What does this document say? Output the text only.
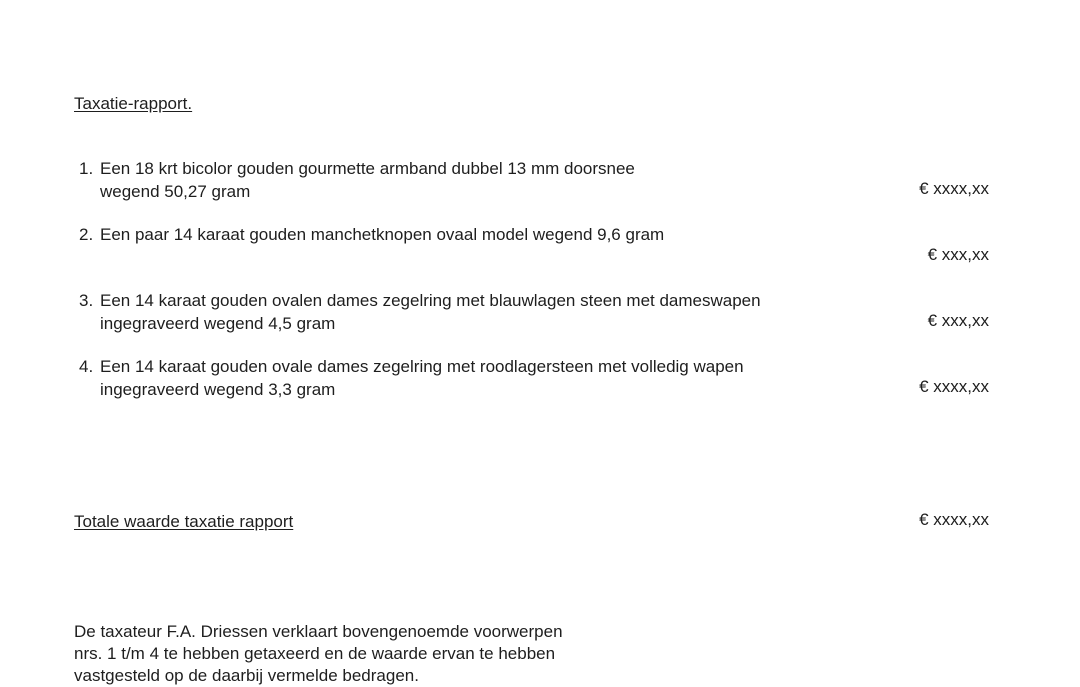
Taxatie-rapport.
1. Een 18 krt bicolor gouden gourmette armband dubbel 13 mm doorsnee
wegend 50,27 gram	€ xxxx,xx
2. Een paar 14 karaat gouden manchetknopen ovaal model wegend 9,6 gram
€ xxx,xx
3. Een 14 karaat gouden ovalen dames zegelring met blauwlagen steen met dameswapen
ingegraveerd wegend 4,5 gram	€ xxx,xx
4. Een 14 karaat gouden ovale dames zegelring met roodlagersteen met volledig wapen
ingegraveerd wegend 3,3 gram	€ xxxx,xx
Totale waarde taxatie rapport	€ xxxx,xx
De taxateur F.A. Driessen verklaart bovengenoemde voorwerpen
nrs. 1 t/m 4 te hebben getaxeerd en de waarde ervan te hebben
vastgesteld op de daarbij vermelde bedragen.
